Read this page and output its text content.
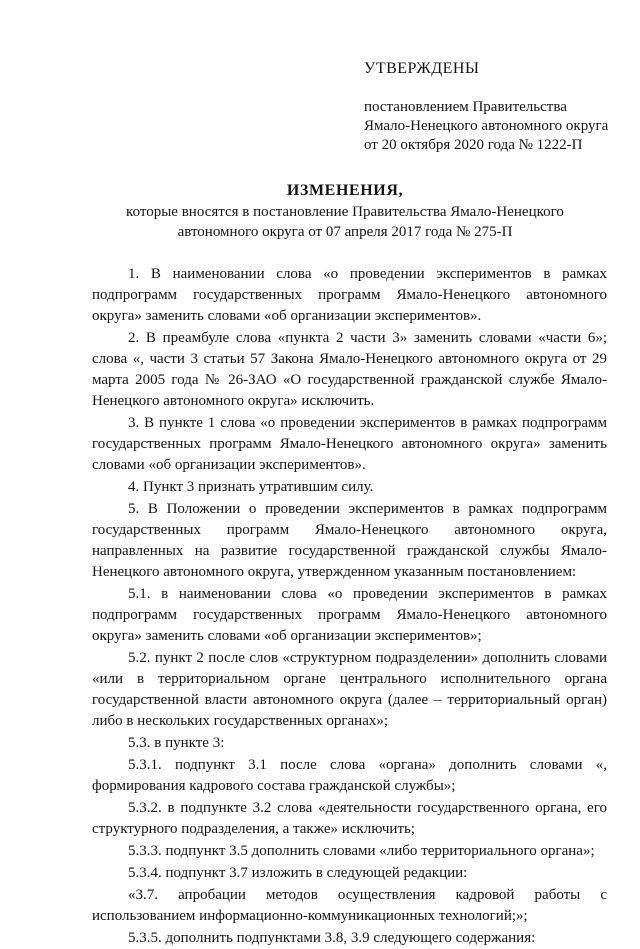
УТВЕРЖДЕНЫ
постановлением Правительства
Ямало-Ненецкого автономного округа
от 20 октября 2020 года № 1222-П
ИЗМЕНЕНИЯ,
которые вносятся в постановление Правительства Ямало-Ненецкого
автономного округа от 07 апреля 2017 года № 275-П

1. В наименовании слова «о проведении экспериментов в рамках подпрограмм государственных программ Ямало-Ненецкого автономного округа» заменить словами «об организации экспериментов».

2. В преамбуле слова «пункта 2 части 3» заменить словами «части 6»; слова «, части 3 статьи 57 Закона Ямало-Ненецкого автономного округа от 29 марта 2005 года № 26-ЗАО «О государственной гражданской службе Ямало-Ненецкого автономного округа» исключить.

3. В пункте 1 слова «о проведении экспериментов в рамках подпрограмм государственных программ Ямало-Ненецкого автономного округа» заменить словами «об организации экспериментов».

4. Пункт 3 признать утратившим силу.

5. В Положении о проведении экспериментов в рамках подпрограмм государственных программ Ямало-Ненецкого автономного округа, направленных на развитие государственной гражданской службы Ямало-Ненецкого автономного округа, утвержденном указанным постановлением:

5.1. в наименовании слова «о проведении экспериментов в рамках подпрограмм государственных программ Ямало-Ненецкого автономного округа» заменить словами «об организации экспериментов»;

5.2. пункт 2 после слов «структурном подразделении» дополнить словами «или в территориальном органе центрального исполнительного органа государственной власти автономного округа (далее – территориальный орган) либо в нескольких государственных органах»;

5.3. в пункте 3:

5.3.1. подпункт 3.1 после слова «органа» дополнить словами «, формирования кадрового состава гражданской службы»;

5.3.2. в подпункте 3.2 слова «деятельности государственного органа, его структурного подразделения, а также» исключить;

5.3.3. подпункт 3.5 дополнить словами «либо территориального органа»;

5.3.4. подпункт 3.7 изложить в следующей редакции:

«3.7. апробации методов осуществления кадровой работы с использованием информационно-коммуникационных технологий;»;

5.3.5. дополнить подпунктами 3.8, 3.9 следующего содержания:
